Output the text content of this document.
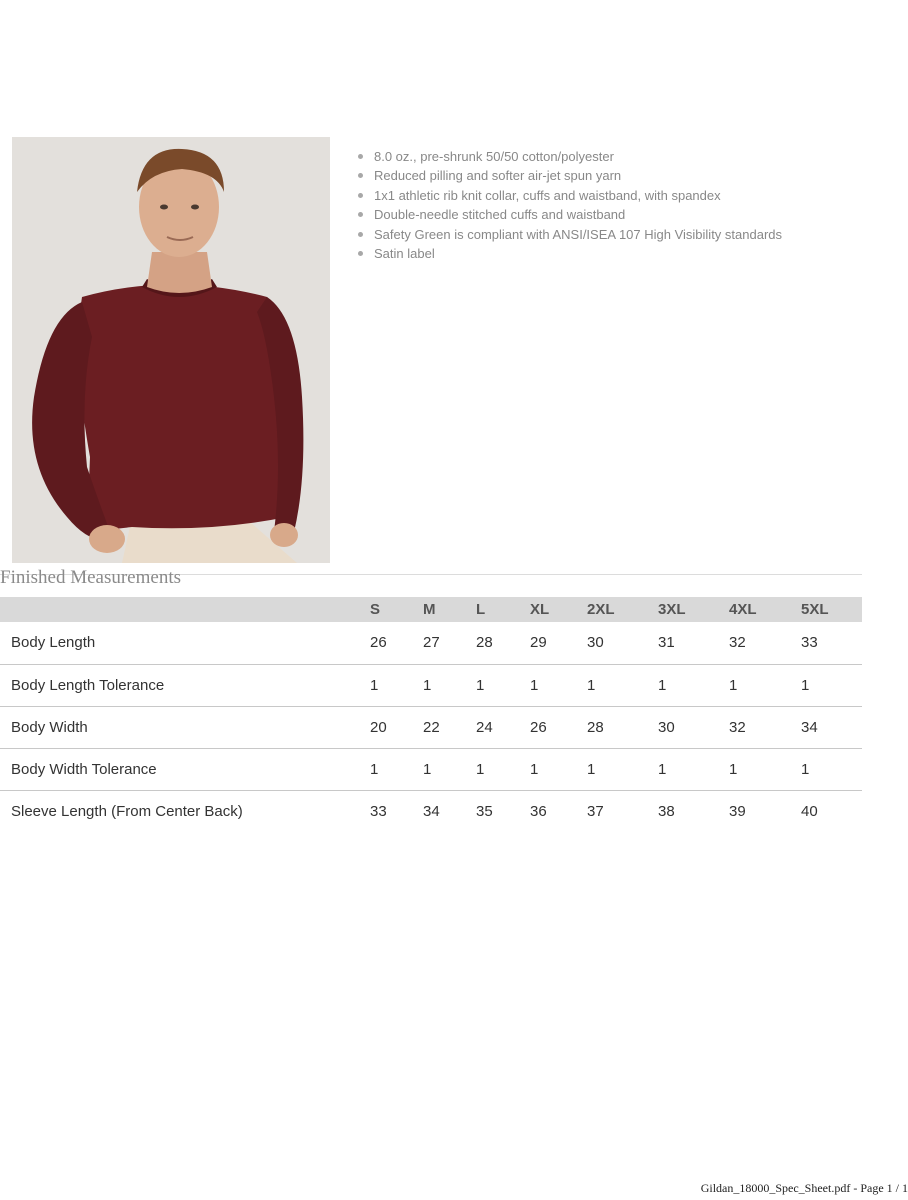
8.0 oz., pre-shrunk 50/50 cotton/polyester
Reduced pilling and softer air-jet spun yarn
1x1 athletic rib knit collar, cuffs and waistband, with spandex
Double-needle stitched cuffs and waistband
Safety Green is compliant with ANSI/ISEA 107 High Visibility standards
Satin label
Finished Measurements
	S	M	L	XL	2XL	3XL	4XL	5XL
Body Length	26	27	28	29	30	31	32	33
Body Length Tolerance	1	1	1	1	1	1	1	1
Body Width	20	22	24	26	28	30	32	34
Body Width Tolerance	1	1	1	1	1	1	1	1
Sleeve Length (From Center Back)	33	34	35	36	37	38	39	40
Gildan_18000_Spec_Sheet.pdf - Page 1 / 1
